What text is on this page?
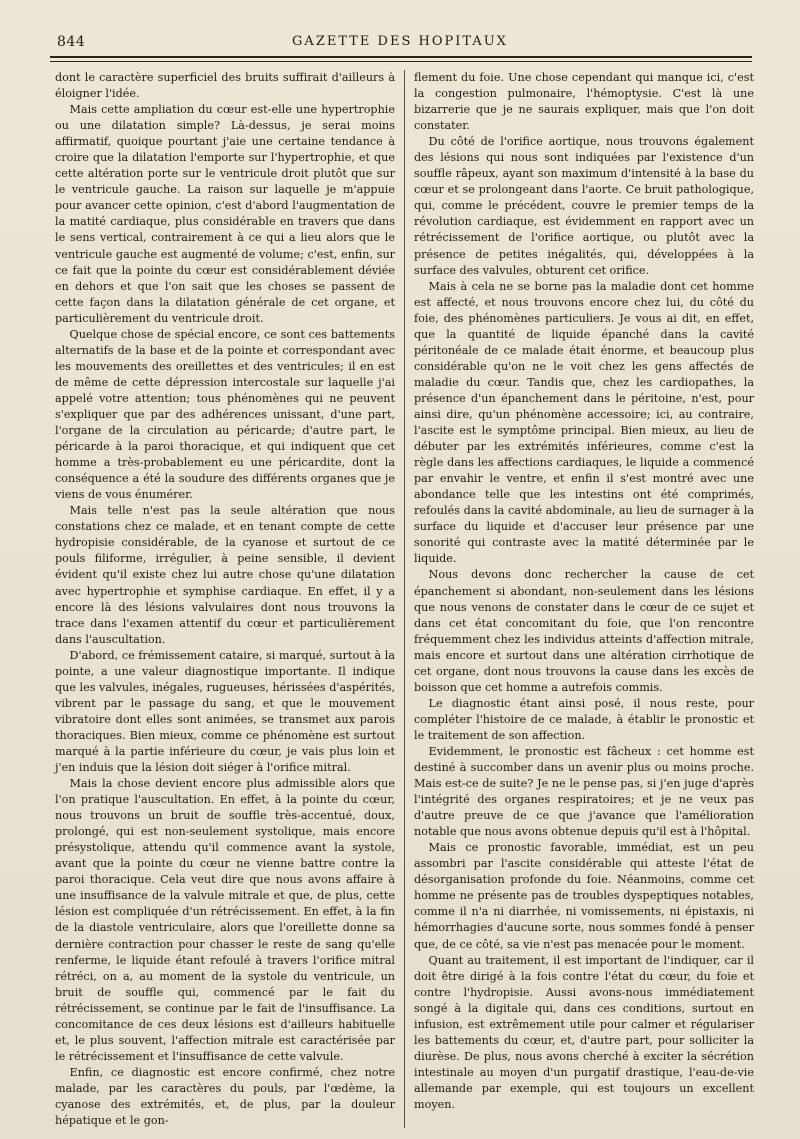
844	GAZETTE DES HOPITAUX

dont le caractère superficiel des bruits suffirait d'ailleurs à éloigner l'idée.

Mais cette ampliation du cœur est-elle une hypertrophie ou une dilatation simple? Là-dessus, je serai moins affirmatif, quoique pourtant j'aie une certaine tendance à croire que la dilatation l'emporte sur l'hypertrophie, et que cette altération porte sur le ventricule droit plutôt que sur le ventricule gauche. La raison sur laquelle je m'appuie pour avancer cette opinion, c'est d'abord l'augmentation de la matité cardiaque, plus considérable en travers que dans le sens vertical, contrairement à ce qui a lieu alors que le ventricule gauche est augmenté de volume; c'est, enfin, sur ce fait que la pointe du cœur est considérablement déviée en dehors et que l'on sait que les choses se passent de cette façon dans la dilatation générale de cet organe, et particulièrement du ventricule droit.

Quelque chose de spécial encore, ce sont ces battements alternatifs de la base et de la pointe et correspondant avec les mouvements des oreillettes et des ventricules; il en est de même de cette dépression intercostale sur laquelle j'ai appelé votre attention; tous phénomènes qui ne peuvent s'expliquer que par des adhérences unissant, d'une part, l'organe de la circulation au péricarde; d'autre part, le péricarde à la paroi thoracique, et qui indiquent que cet homme a très-probablement eu une péricardite, dont la conséquence a été la soudure des différents organes que je viens de vous énumérer.

Mais telle n'est pas la seule altération que nous constations chez ce malade, et en tenant compte de cette hydropisie considérable, de la cyanose et surtout de ce pouls filiforme, irrégulier, à peine sensible, il devient évident qu'il existe chez lui autre chose qu'une dilatation avec hypertrophie et symphise cardiaque. En effet, il y a encore là des lésions valvulaires dont nous trouvons la trace dans l'examen attentif du cœur et particulièrement dans l'auscultation.

D'abord, ce frémissement cataire, si marqué, surtout à la pointe, a une valeur diagnostique importante. Il indique que les valvules, inégales, rugueuses, hérissées d'aspérités, vibrent par le passage du sang, et que le mouvement vibratoire dont elles sont animées, se transmet aux parois thoraciques. Bien mieux, comme ce phénomène est surtout marqué à la partie inférieure du cœur, je vais plus loin et j'en induis que la lésion doit siéger à l'orifice mitral.

Mais la chose devient encore plus admissible alors que l'on pratique l'auscultation. En effet, à la pointe du cœur, nous trouvons un bruit de souffle très-accentué, doux, prolongé, qui est non-seulement systolique, mais encore présystolique, attendu qu'il commence avant la systole, avant que la pointe du cœur ne vienne battre contre la paroi thoracique. Cela veut dire que nous avons affaire à une insuffisance de la valvule mitrale et que, de plus, cette lésion est compliquée d'un rétrécissement. En effet, à la fin de la diastole ventriculaire, alors que l'oreillette donne sa dernière contraction pour chasser le reste de sang qu'elle renferme, le liquide étant refoulé à travers l'orifice mitral rétréci, on a, au moment de la systole du ventricule, un bruit de souffle qui, commencé par le fait du rétrécissement, se continue par le fait de l'insuffisance. La concomitance de ces deux lésions est d'ailleurs habituelle et, le plus souvent, l'affection mitrale est caractérisée par le rétrécissement et l'insuffisance de cette valvule.

Enfin, ce diagnostic est encore confirmé, chez notre malade, par les caractères du pouls, par l'œdème, la cyanose des extrémités, et, de plus, par la douleur hépatique et le gon-

flement du foie. Une chose cependant qui manque ici, c'est la congestion pulmonaire, l'hémoptysie. C'est là une bizarrerie que je ne saurais expliquer, mais que l'on doit constater.

Du côté de l'orifice aortique, nous trouvons également des lésions qui nous sont indiquées par l'existence d'un souffle râpeux, ayant son maximum d'intensité à la base du cœur et se prolongeant dans l'aorte. Ce bruit pathologique, qui, comme le précédent, couvre le premier temps de la révolution cardiaque, est évidemment en rapport avec un rétrécissement de l'orifice aortique, ou plutôt avec la présence de petites inégalités, qui, développées à la surface des valvules, obturent cet orifice.

Mais à cela ne se borne pas la maladie dont cet homme est affecté, et nous trouvons encore chez lui, du côté du foie, des phénomènes particuliers. Je vous ai dit, en effet, que la quantité de liquide épanché dans la cavité péritonéale de ce malade était énorme, et beaucoup plus considérable qu'on ne le voit chez les gens affectés de maladie du cœur. Tandis que, chez les cardiopathes, la présence d'un épanchement dans le péritoine, n'est, pour ainsi dire, qu'un phénomène accessoire; ici, au contraire, l'ascite est le symptôme principal. Bien mieux, au lieu de débuter par les extrémités inférieures, comme c'est la règle dans les affections cardiaques, le liquide a commencé par envahir le ventre, et enfin il s'est montré avec une abondance telle que les intestins ont été comprimés, refoulés dans la cavité abdominale, au lieu de surnager à la surface du liquide et d'accuser leur présence par une sonorité qui contraste avec la matité déterminée par le liquide.

Nous devons donc rechercher la cause de cet épanchement si abondant, non-seulement dans les lésions que nous venons de constater dans le cœur de ce sujet et dans cet état concomitant du foie, que l'on rencontre fréquemment chez les individus atteints d'affection mitrale, mais encore et surtout dans une altération cirrhotique de cet organe, dont nous trouvons la cause dans les excès de boisson que cet homme a autrefois commis.

Le diagnostic étant ainsi posé, il nous reste, pour compléter l'histoire de ce malade, à établir le pronostic et le traitement de son affection.

Evidemment, le pronostic est fâcheux : cet homme est destiné à succomber dans un avenir plus ou moins proche. Mais est-ce de suite? Je ne le pense pas, si j'en juge d'après l'intégrité des organes respiratoires; et je ne veux pas d'autre preuve de ce que j'avance que l'amélioration notable que nous avons obtenue depuis qu'il est à l'hôpital.

Mais ce pronostic favorable, immédiat, est un peu assombri par l'ascite considérable qui atteste l'état de désorganisation profonde du foie. Néanmoins, comme cet homme ne présente pas de troubles dyspeptiques notables, comme il n'a ni diarrhée, ni vomissements, ni épistaxis, ni hémorrhagies d'aucune sorte, nous sommes fondé à penser que, de ce côté, sa vie n'est pas menacée pour le moment.

Quant au traitement, il est important de l'indiquer, car il doit être dirigé à la fois contre l'état du cœur, du foie et contre l'hydropisie. Aussi avons-nous immédiatement songé à la digitale qui, dans ces conditions, surtout en infusion, est extrêmement utile pour calmer et régulariser les battements du cœur, et, d'autre part, pour solliciter la diurèse. De plus, nous avons cherché à exciter la sécrétion intestinale au moyen d'un purgatif drastique, l'eau-de-vie allemande par exemple, qui est toujours un excellent moyen.
